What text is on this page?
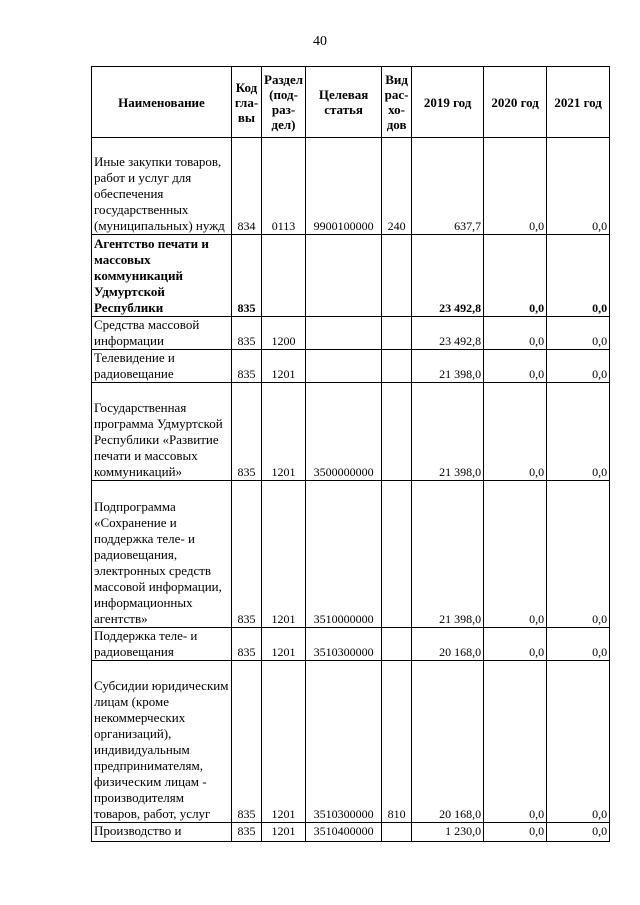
40
Наименование	Код гла-вы	Раздел (под-раз-дел)	Целевая статья	Вид рас-хо-дов	2019 год	2020 год	2021 год
Иные закупки товаров, работ и услуг для обеспечения государственных (муниципальных) нужд	834	0113	9900100000	240	637,7	0,0	0,0
Агентство печати и массовых коммуникаций Удмуртской Республики	835				23 492,8	0,0	0,0
Средства массовой информации	835	1200			23 492,8	0,0	0,0
Телевидение и радиовещание	835	1201			21 398,0	0,0	0,0
Государственная программа Удмуртской Республики «Развитие печати и массовых коммуникаций»	835	1201	3500000000		21 398,0	0,0	0,0
Подпрограмма «Сохранение и поддержка теле- и радиовещания, электронных средств массовой информации, информационных агентств»	835	1201	3510000000		21 398,0	0,0	0,0
Поддержка теле- и радиовещания	835	1201	3510300000		20 168,0	0,0	0,0
Субсидии юридическим лицам (кроме некоммерческих организаций), индивидуальным предпринимателям, физическим лицам - производителям товаров, работ, услуг	835	1201	3510300000	810	20 168,0	0,0	0,0
Производство и	835	1201	3510400000		1 230,0	0,0	0,0
